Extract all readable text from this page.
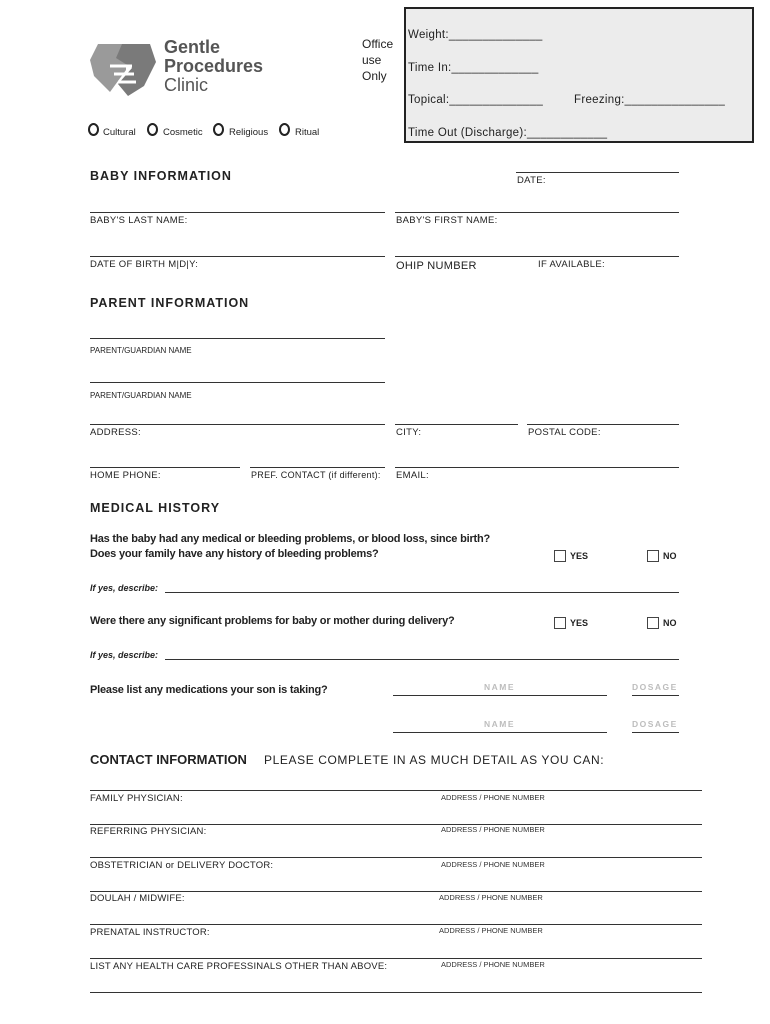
Gentle
Procedures
Clinic
Office
use
Only
Weight:______________
Time In:_____________
Topical:______________	Freezing:_______________
Time Out (Discharge):____________
Cultural	Cosmetic	Religious	Ritual
BABY INFORMATION	DATE:
BABY'S LAST NAME:	BABY'S FIRST NAME:
DATE OF BIRTH M|D|Y:	OHIP NUMBER	IF AVAILABLE:
PARENT INFORMATION
PARENT/GUARDIAN NAME
PARENT/GUARDIAN NAME
ADDRESS:	CITY:	POSTAL CODE:
HOME PHONE:	PREF. CONTACT (if different): EMAIL:
MEDICAL HISTORY
Has the baby had any medical or bleeding problems, or blood loss, since birth?
Does your family have any history of bleeding problems?	YES	NO
If yes, describe:
Were there any significant problems for baby or mother during delivery?	YES	NO
If yes, describe:
Please list any medications your son is taking?	NAME	DOSAGE
NAME	DOSAGE
CONTACT INFORMATION PLEASE COMPLETE IN AS MUCH DETAIL AS YOU CAN:
FAMILY PHYSICIAN:	ADDRESS / PHONE NUMBER
REFERRING PHYSICIAN:	ADDRESS / PHONE NUMBER
OBSTETRICIAN or DELIVERY DOCTOR:	ADDRESS / PHONE NUMBER
DOULAH / MIDWIFE:	ADDRESS / PHONE NUMBER
PRENATAL INSTRUCTOR:	ADDRESS / PHONE NUMBER
LIST ANY HEALTH CARE PROFESSINALS OTHER THAN ABOVE:	ADDRESS / PHONE NUMBER
